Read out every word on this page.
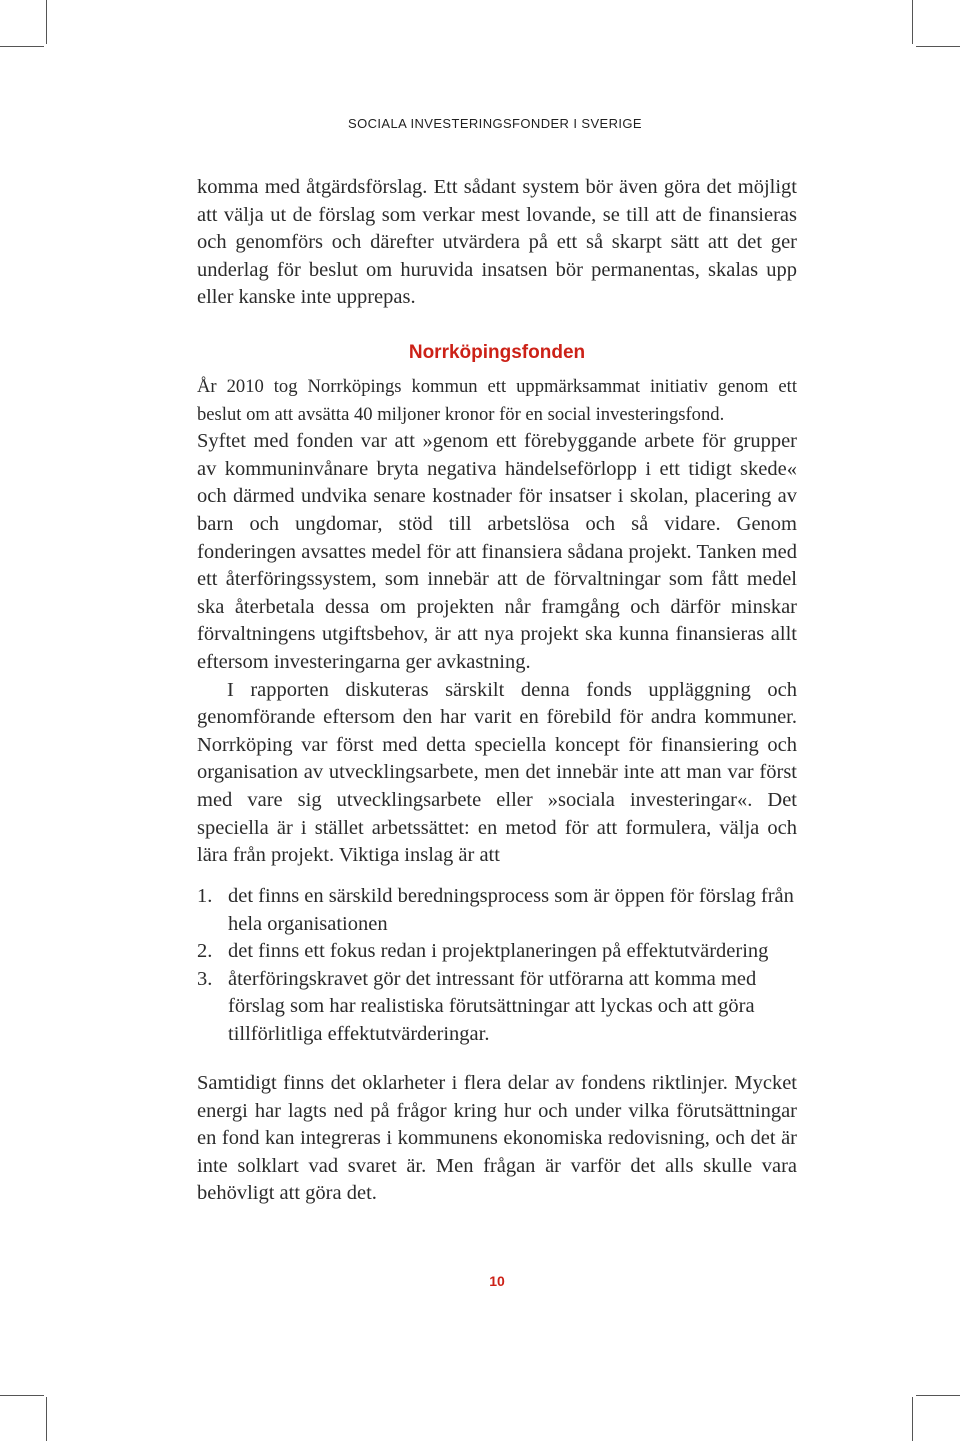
SOCIALA INVESTERINGSFONDER I SVERIGE

komma med åtgärdsförslag. Ett sådant system bör även göra det möjligt att välja ut de förslag som verkar mest lovande, se till att de finansieras och genomförs och därefter utvärdera på ett så skarpt sätt att det ger underlag för beslut om huruvida insatsen bör permanentas, skalas upp eller kanske inte upprepas.

Norrköpingsfonden

År 2010 tog Norrköpings kommun ett uppmärksammat initiativ genom ett beslut om att avsätta 40 miljoner kronor för en social investeringsfond.

Syftet med fonden var att »genom ett förebyggande arbete för grupper av kommuninvånare bryta negativa händelseförlopp i ett tidigt skede« och därmed undvika senare kostnader för insatser i skolan, placering av barn och ungdomar, stöd till arbetslösa och så vidare. Genom fonderingen avsattes medel för att finansiera sådana projekt. Tanken med ett återföringssystem, som innebär att de förvaltningar som fått medel ska återbetala dessa om projekten når framgång och därför minskar förvaltningens utgiftsbehov, är att nya projekt ska kunna finansieras allt eftersom investeringarna ger avkastning.

I rapporten diskuteras särskilt denna fonds uppläggning och genomförande eftersom den har varit en förebild för andra kommuner. Norrköping var först med detta speciella koncept för finansiering och organisation av utvecklingsarbete, men det innebär inte att man var först med vare sig utvecklingsarbete eller »sociala investeringar«. Det speciella är i stället arbetssättet: en metod för att formulera, välja och lära från projekt. Viktiga inslag är att

1. det finns en särskild beredningsprocess som är öppen för förslag från hela organisationen
2. det finns ett fokus redan i projektplaneringen på effektutvärdering
3. återföringskravet gör det intressant för utförarna att komma med förslag som har realistiska förutsättningar att lyckas och att göra tillförlitliga effektutvärderingar.

Samtidigt finns det oklarheter i flera delar av fondens riktlinjer. Mycket energi har lagts ned på frågor kring hur och under vilka förutsättningar en fond kan integreras i kommunens ekonomiska redovisning, och det är inte solklart vad svaret är. Men frågan är varför det alls skulle vara behövligt att göra det.

10
